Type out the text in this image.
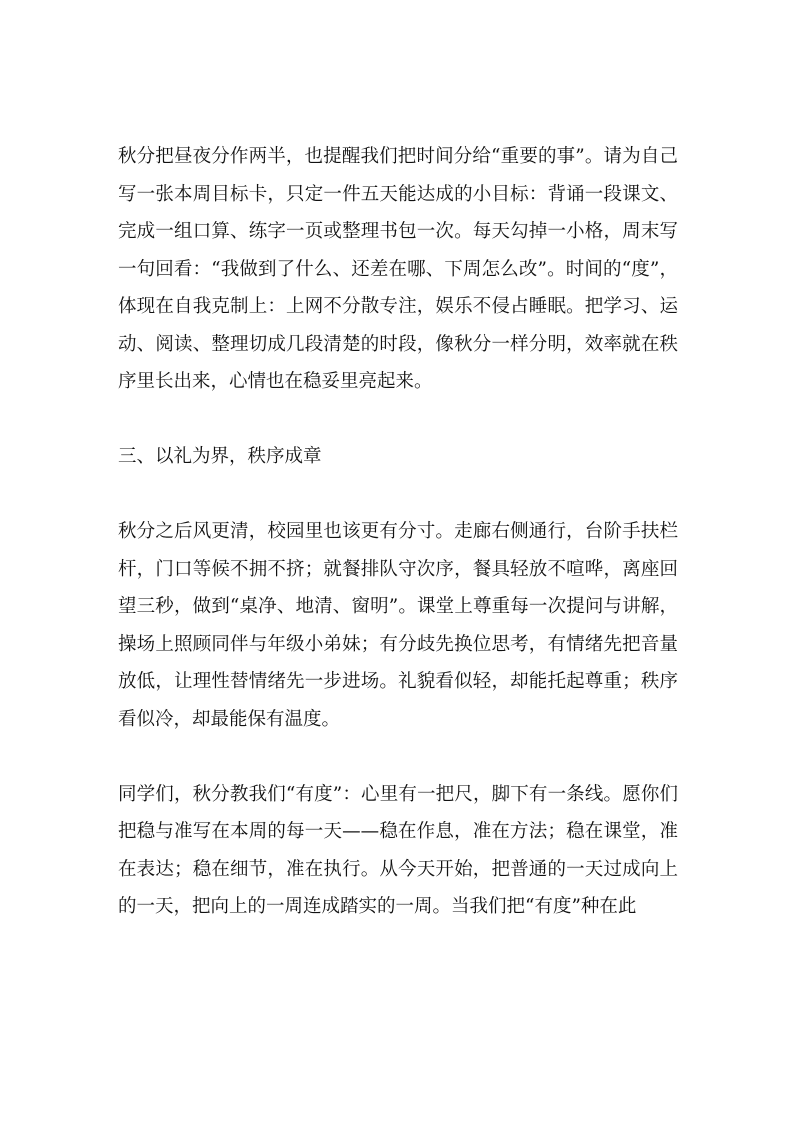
秋分把昼夜分作两半，也提醒我们把时间分给“重要的事”。请为自己写一张本周目标卡，只定一件五天能达成的小目标：背诵一段课文、完成一组口算、练字一页或整理书包一次。每天勾掉一小格，周末写一句回看：“我做到了什么、还差在哪、下周怎么改”。时间的“度”，体现在自我克制上：上网不分散专注，娱乐不侵占睡眠。把学习、运动、阅读、整理切成几段清楚的时段，像秋分一样分明，效率就在秩序里长出来，心情也在稳妥里亮起来。

三、以礼为界，秩序成章

秋分之后风更清，校园里也该更有分寸。走廊右侧通行，台阶手扶栏杆，门口等候不拥不挤；就餐排队守次序，餐具轻放不喧哗，离座回望三秒，做到“桌净、地清、窗明”。课堂上尊重每一次提问与讲解，操场上照顾同伴与年级小弟妹；有分歧先换位思考，有情绪先把音量放低，让理性替情绪先一步进场。礼貌看似轻，却能托起尊重；秩序看似冷，却最能保有温度。

同学们，秋分教我们“有度”：心里有一把尺，脚下有一条线。愿你们把稳与准写在本周的每一天——稳在作息，准在方法；稳在课堂，准在表达；稳在细节，准在执行。从今天开始，把普通的一天过成向上的一天，把向上的一周连成踏实的一周。当我们把“有度”种在此
